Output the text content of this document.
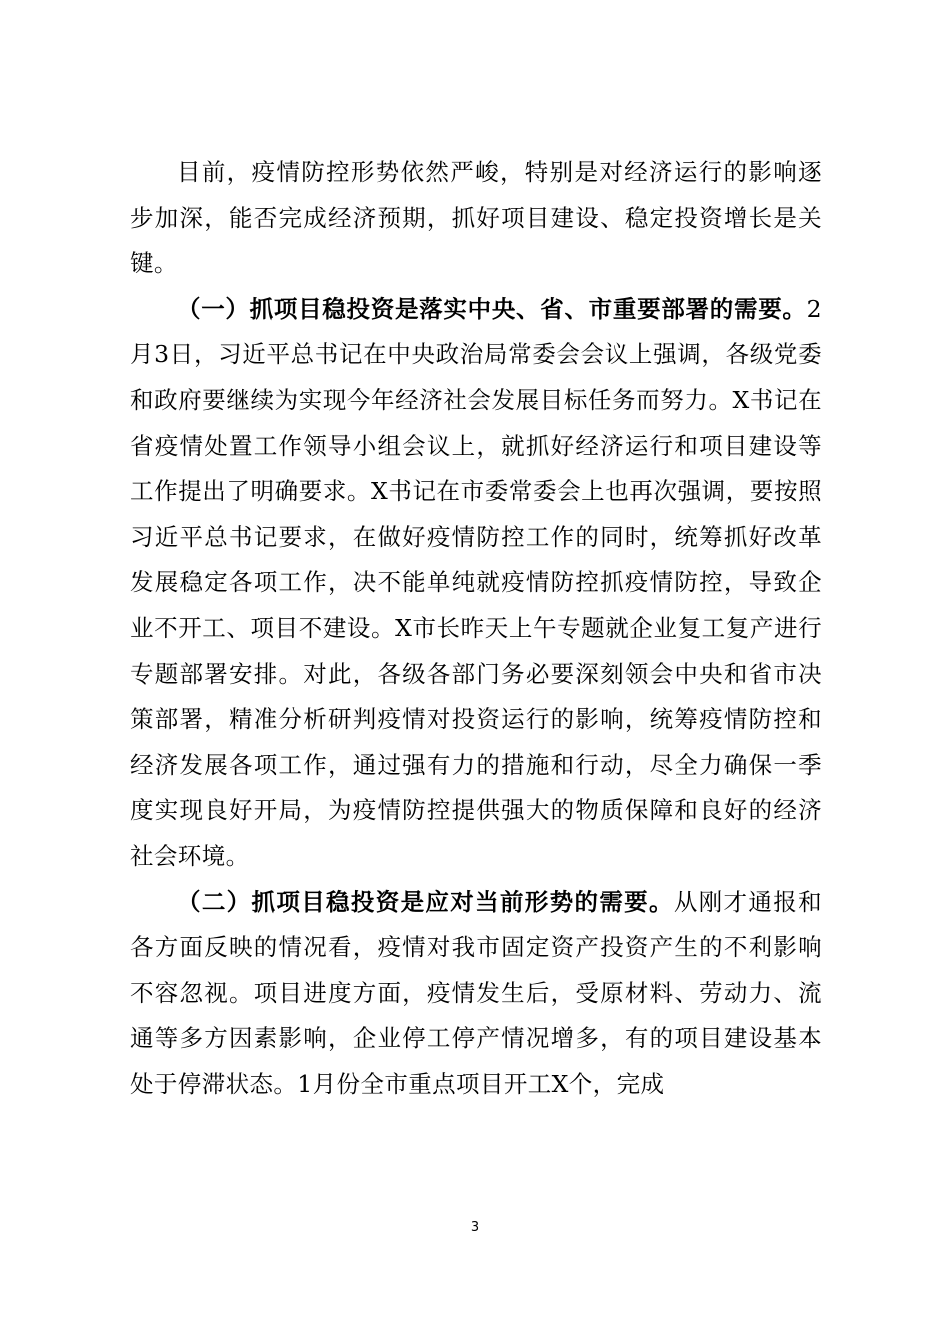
目前，疫情防控形势依然严峻，特别是对经济运行的影响逐步加深，能否完成经济预期，抓好项目建设、稳定投资增长是关键。

（一）抓项目稳投资是落实中央、省、市重要部署的需要。2月3日，习近平总书记在中央政治局常委会会议上强调，各级党委和政府要继续为实现今年经济社会发展目标任务而努力。X书记在省疫情处置工作领导小组会议上，就抓好经济运行和项目建设等工作提出了明确要求。X书记在市委常委会上也再次强调，要按照习近平总书记要求，在做好疫情防控工作的同时，统筹抓好改革发展稳定各项工作，决不能单纯就疫情防控抓疫情防控，导致企业不开工、项目不建设。X市长昨天上午专题就企业复工复产进行专题部署安排。对此，各级各部门务必要深刻领会中央和省市决策部署，精准分析研判疫情对投资运行的影响，统筹疫情防控和经济发展各项工作，通过强有力的措施和行动，尽全力确保一季度实现良好开局，为疫情防控提供强大的物质保障和良好的经济社会环境。

（二）抓项目稳投资是应对当前形势的需要。从刚才通报和各方面反映的情况看，疫情对我市固定资产投资产生的不利影响不容忽视。项目进度方面，疫情发生后，受原材料、劳动力、流通等多方因素影响，企业停工停产情况增多，有的项目建设基本处于停滞状态。1月份全市重点项目开工X个，完成

3
